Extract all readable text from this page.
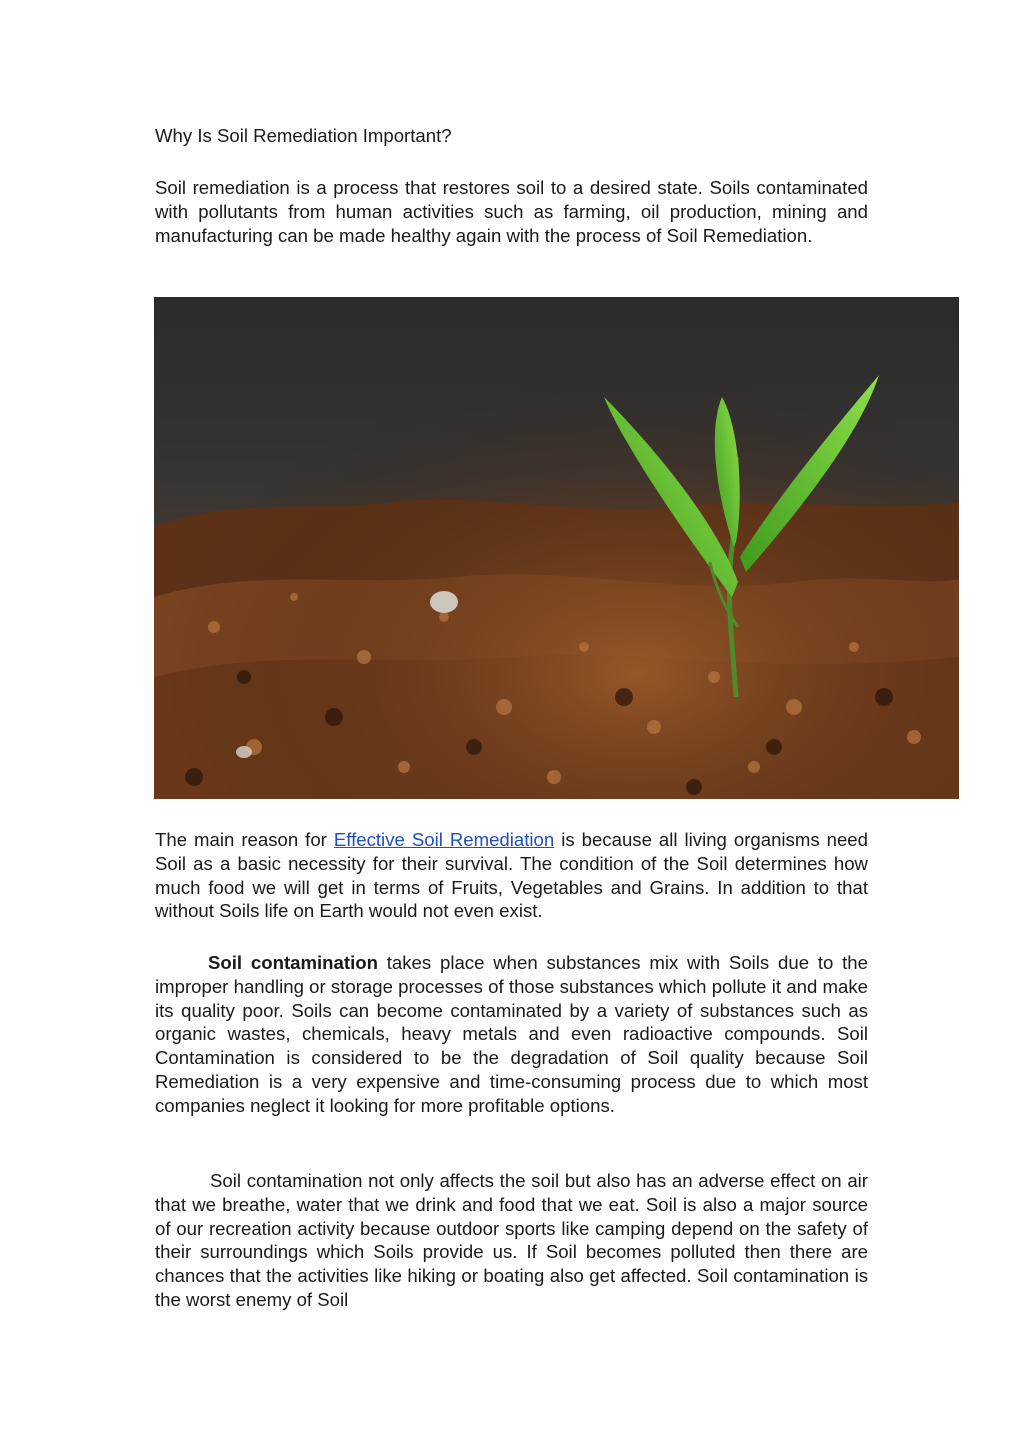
Why Is Soil Remediation Important?

Soil remediation is a process that restores soil to a desired state. Soils contaminated with pollutants from human activities such as farming, oil production, mining and manufacturing can be made healthy again with the process of Soil Remediation.

The main reason for Effective Soil Remediation is because all living organisms need Soil as a basic necessity for their survival. The condition of the Soil determines how much food we will get in terms of Fruits, Vegetables and Grains. In addition to that without Soils life on Earth would not even exist.

Soil contamination takes place when substances mix with Soils due to the improper handling or storage processes of those substances which pollute it and make its quality poor. Soils can become contaminated by a variety of substances such as organic wastes, chemicals, heavy metals and even radioactive compounds. Soil Contamination is considered to be the degradation of Soil quality because Soil Remediation is a very expensive and time-consuming process due to which most companies neglect it looking for more profitable options.

Soil contamination not only affects the soil but also has an adverse effect on air that we breathe, water that we drink and food that we eat. Soil is also a major source of our recreation activity because outdoor sports like camping depend on the safety of their surroundings which Soils provide us. If Soil becomes polluted then there are chances that the activities like hiking or boating also get affected. Soil contamination is the worst enemy of Soil
